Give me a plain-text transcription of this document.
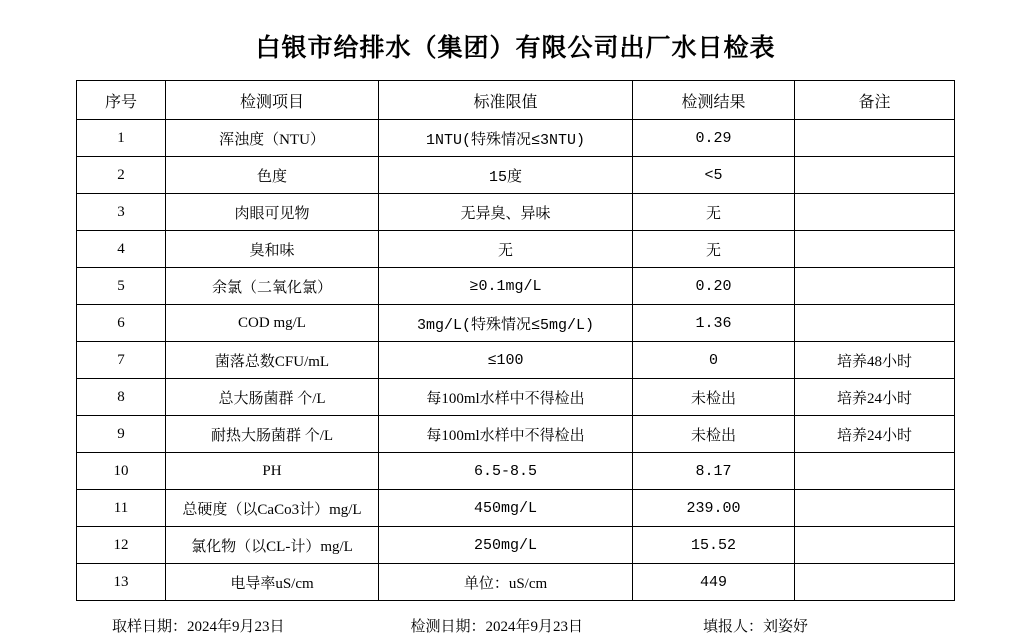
白银市给排水（集团）有限公司出厂水日检表
序号	检测项目	标准限值	检测结果	备注
1	浑浊度（NTU）	1NTU(特殊情况≤3NTU)	0.29	
2	色度	15度	<5	
3	肉眼可见物	无异臭、异味	无	
4	臭和味	无	无	
5	余氯（二氧化氯）	≥0.1mg/L	0.20	
6	COD mg/L	3mg/L(特殊情况≤5mg/L)	1.36	
7	菌落总数CFU/mL	≤100	0	培养48小时
8	总大肠菌群 个/L	每100ml水样中不得检出	未检出	培养24小时
9	耐热大肠菌群 个/L	每100ml水样中不得检出	未检出	培养24小时
10	PH	6.5-8.5	8.17	
11	总硬度（以CaCo3计）mg/L	450mg/L	239.00	
12	氯化物（以CL-计）mg/L	250mg/L	15.52	
13	电导率uS/cm	单位：uS/cm	449	
取样日期：2024年9月23日	检测日期：2024年9月23日	填报人：刘姿妤
